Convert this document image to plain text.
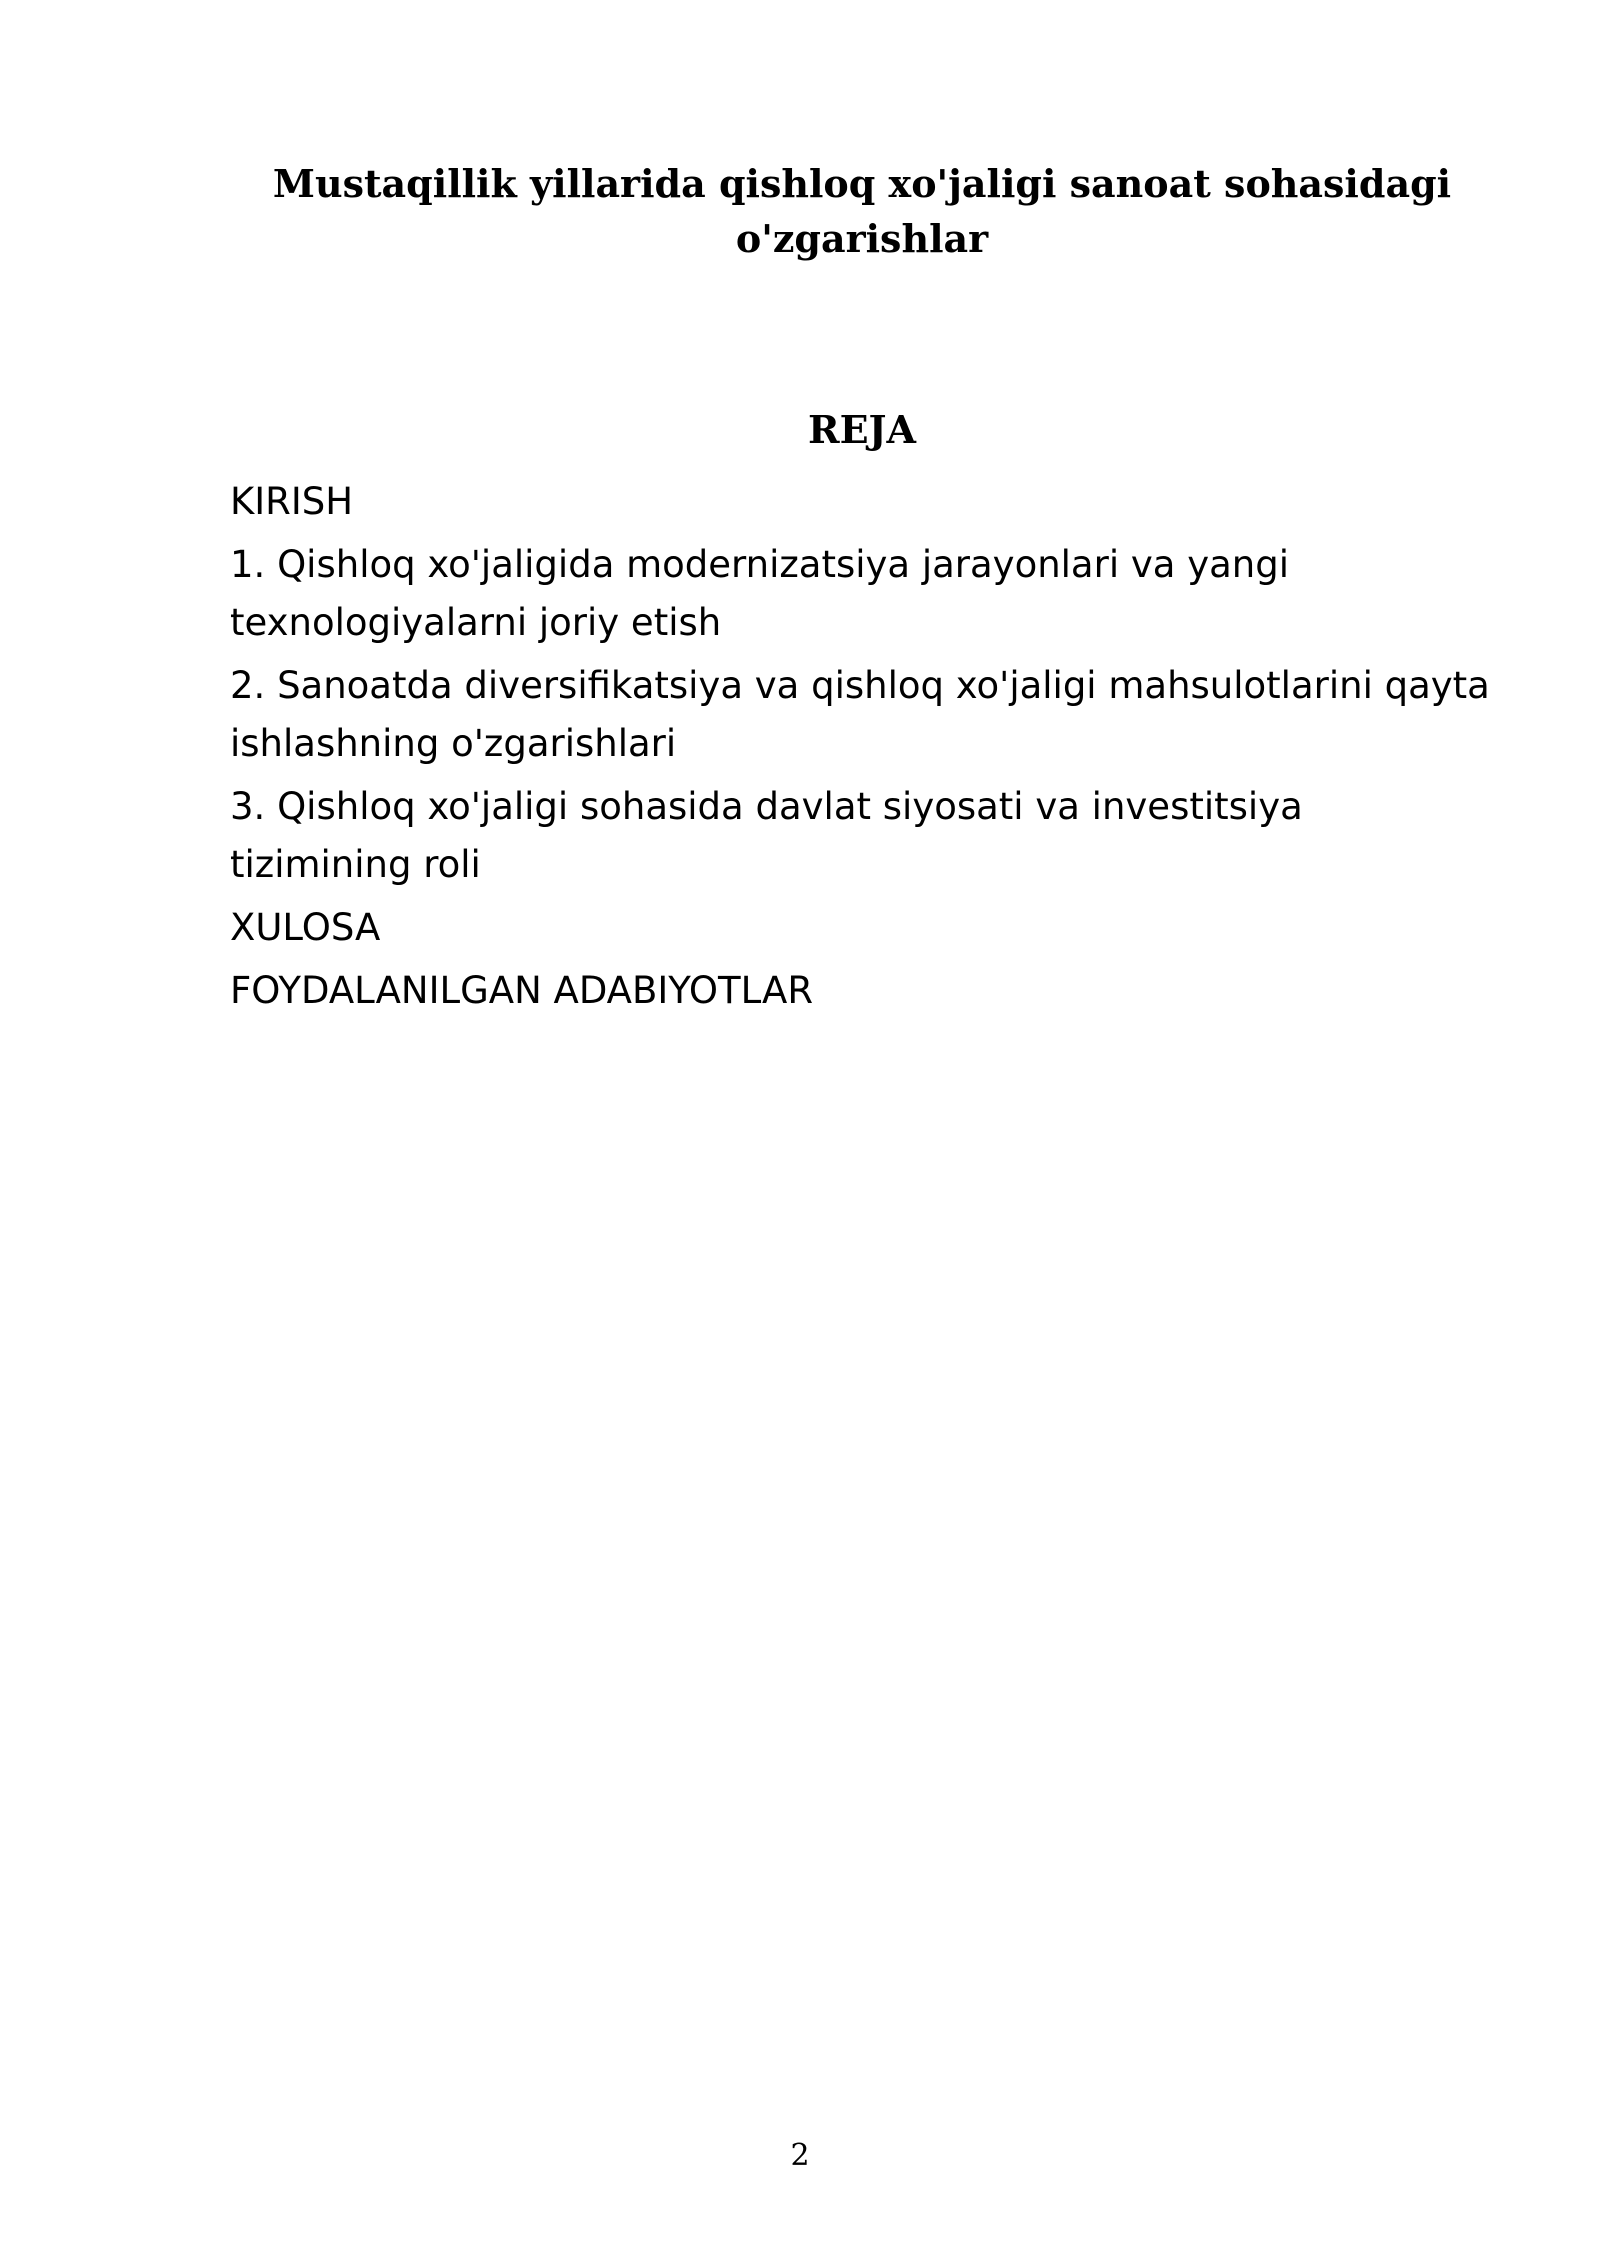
Mustaqillik yillarida qishloq xo'jaligi sanoat sohasidagi o'zgarishlar
REJA
KIRISH
1. Qishloq xo'jaligida modernizatsiya jarayonlari va yangi texnologiyalarni joriy etish
2. Sanoatda diversifikatsiya va qishloq xo'jaligi mahsulotlarini qayta ishlashning o'zgarishlari
3. Qishloq xo'jaligi sohasida davlat siyosati va investitsiya tizimining roli
XULOSA
FOYDALANILGAN ADABIYOTLAR
2
